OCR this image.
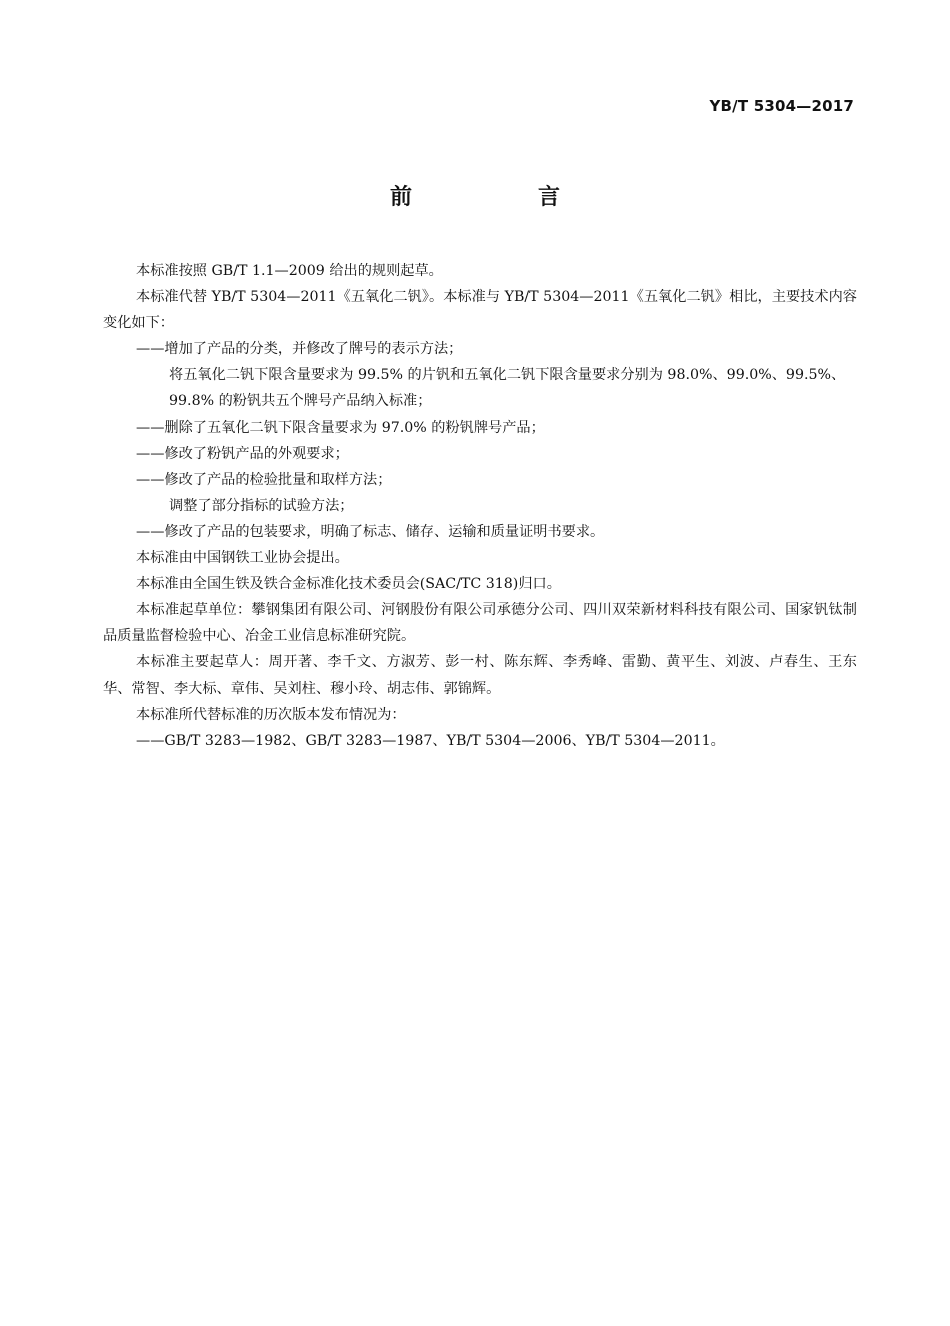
YB/T 5304—2017
前　言

本标准按照 GB/T 1.1—2009 给出的规则起草。

本标准代替 YB/T 5304—2011《五氧化二钒》。本标准与 YB/T 5304—2011《五氧化二钒》相比，主要技术内容变化如下：

——增加了产品的分类，并修改了牌号的表示方法；

将五氧化二钒下限含量要求为 99.5% 的片钒和五氧化二钒下限含量要求分别为 98.0%、99.0%、99.5%、99.8% 的粉钒共五个牌号产品纳入标准；

——删除了五氧化二钒下限含量要求为 97.0% 的粉钒牌号产品；

——修改了粉钒产品的外观要求；

——修改了产品的检验批量和取样方法；

调整了部分指标的试验方法；

——修改了产品的包装要求，明确了标志、储存、运输和质量证明书要求。

本标准由中国钢铁工业协会提出。

本标准由全国生铁及铁合金标准化技术委员会(SAC/TC 318)归口。

本标准起草单位：攀钢集团有限公司、河钢股份有限公司承德分公司、四川双荣新材料科技有限公司、国家钒钛制品质量监督检验中心、冶金工业信息标准研究院。

本标准主要起草人：周开著、李千文、方淑芳、彭一村、陈东辉、李秀峰、雷勤、黄平生、刘波、卢春生、王东华、常智、李大标、章伟、吴刘柱、穆小玲、胡志伟、郭锦辉。

本标准所代替标准的历次版本发布情况为：

——GB/T 3283—1982、GB/T 3283—1987、YB/T 5304—2006、YB/T 5304—2011。
